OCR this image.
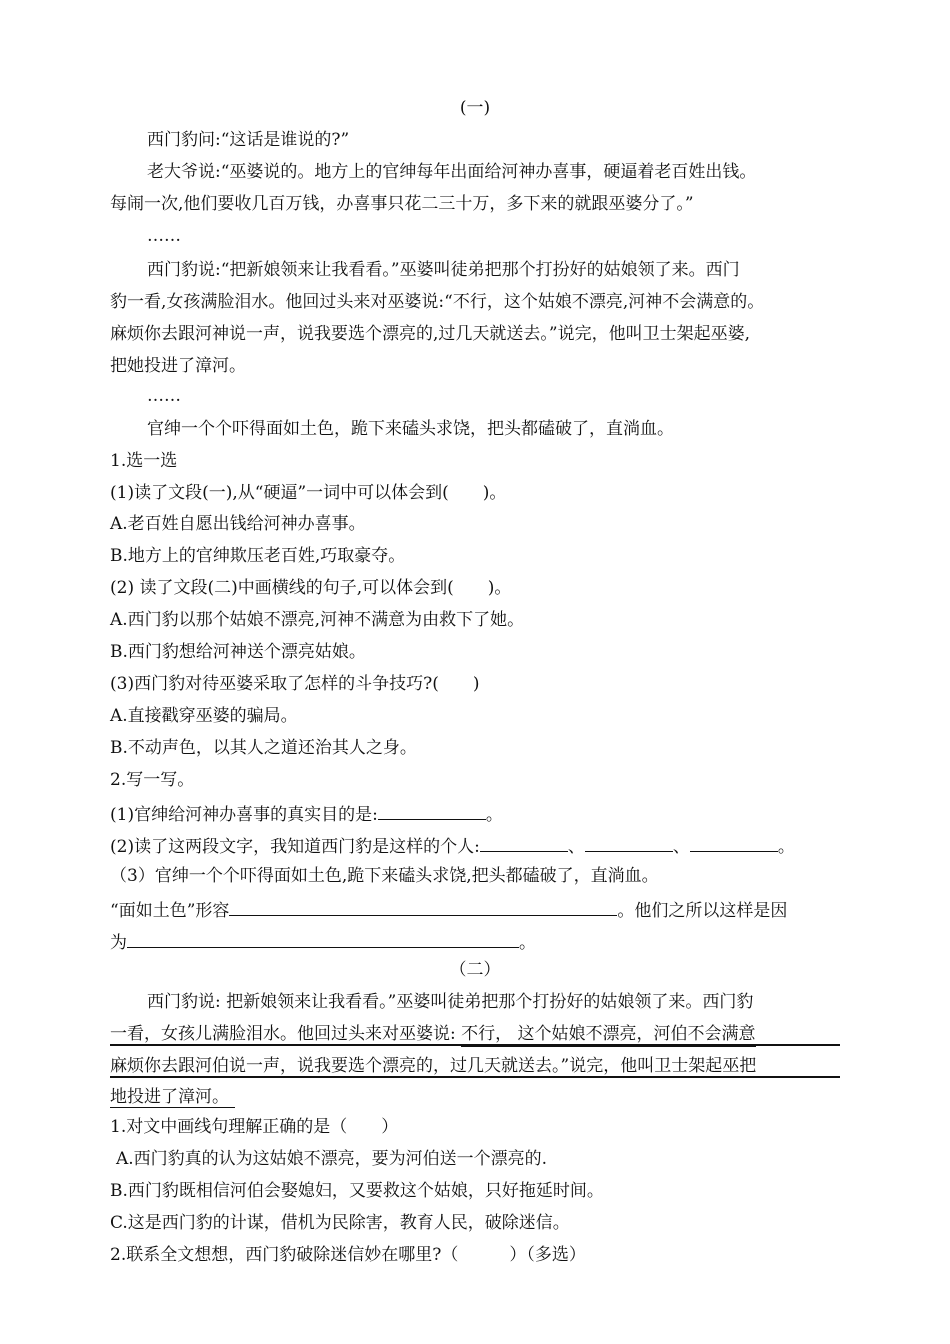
(一)
西门豹问:“这话是谁说的?”
老大爷说:“巫婆说的。地方上的官绅每年出面给河神办喜事，硬逼着老百姓出钱。
每闹一次,他们要收几百万钱，办喜事只花二三十万，多下来的就跟巫婆分了。”
……
西门豹说:“把新娘领来让我看看。”巫婆叫徒弟把那个打扮好的姑娘领了来。西门
豹一看,女孩满脸泪水。他回过头来对巫婆说:“不行，这个姑娘不漂亮,河神不会满意的。
麻烦你去跟河神说一声，说我要选个漂亮的,过几天就送去。”说完，他叫卫士架起巫婆,
把她投进了漳河。
……
官绅一个个吓得面如土色，跪下来磕头求饶，把头都磕破了，直淌血。
1.选一选
(1)读了文段(一),从“硬逼”一词中可以体会到(　　)。
A.老百姓自愿出钱给河神办喜事。
B.地方上的官绅欺压老百姓,巧取豪夺。
(2) 读了文段(二)中画横线的句子,可以体会到(　　)。
A.西门豹以那个姑娘不漂亮,河神不满意为由救下了她。
B.西门豹想给河神送个漂亮姑娘。
(3)西门豹对待巫婆采取了怎样的斗争技巧?(　　)
A.直接戳穿巫婆的骗局。
B.不动声色，以其人之道还治其人之身。
2.写一写。
(1)官绅给河神办喜事的真实目的是:	。
(2)读了这两段文字，我知道西门豹是这样的个人:	、	、	。
（3）官绅一个个吓得面如土色,跪下来磕头求饶,把头都磕破了，直淌血。
“面如土色”形容	。他们之所以这样是因
为	。
（二）
西门豹说: 把新娘领来让我看看。”巫婆叫徒弟把那个打扮好的姑娘领了来。西门豹
一看，女孩儿满脸泪水。他回过头来对巫婆说: 不行， 这个姑娘不漂亮，河伯不会满意
麻烦你去跟河伯说一声，说我要选个漂亮的，过几天就送去。”说完，他叫卫士架起巫把
地投进了漳河。
1.对文中画线句理解正确的是（　　）
A.西门豹真的认为这姑娘不漂亮，要为河伯送一个漂亮的.
B.西门豹既相信河伯会娶媳妇，又要救这个姑娘，只好拖延时间。
C.这是西门豹的计谋，借机为民除害，教育人民，破除迷信。
2.联系全文想想，西门豹破除迷信妙在哪里?（　　　）（多选）
